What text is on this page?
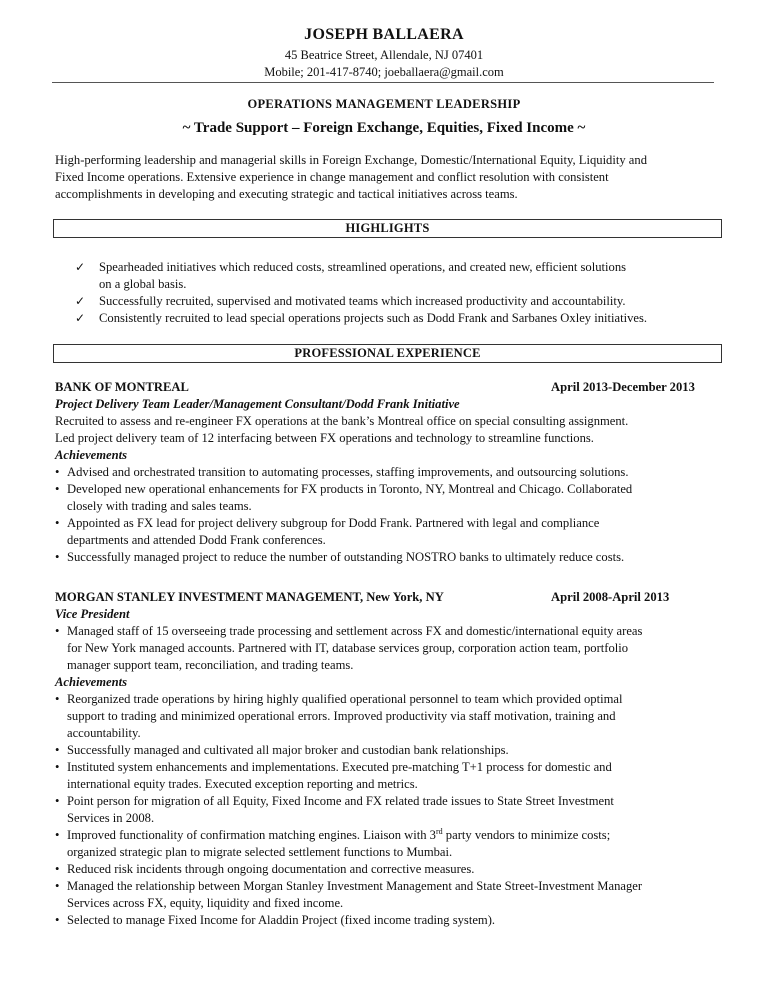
JOSEPH BALLAERA
45 Beatrice Street, Allendale, NJ 07401
Mobile; 201-417-8740; joeballaera@gmail.com
OPERATIONS MANAGEMENT LEADERSHIP
~ Trade Support – Foreign Exchange, Equities, Fixed Income ~
High-performing leadership and managerial skills in Foreign Exchange, Domestic/International Equity, Liquidity and
Fixed Income operations. Extensive experience in change management and conflict resolution with consistent
accomplishments in developing and executing strategic and tactical initiatives across teams.
HIGHLIGHTS
✓ Spearheaded initiatives which reduced costs, streamlined operations, and created new, efficient solutions
on a global basis.
✓ Successfully recruited, supervised and motivated teams which increased productivity and accountability.
✓ Consistently recruited to lead special operations projects such as Dodd Frank and Sarbanes Oxley initiatives.
PROFESSIONAL EXPERIENCE
BANK OF MONTREAL	April 2013-December 2013
Project Delivery Team Leader/Management Consultant/Dodd Frank Initiative
Recruited to assess and re-engineer FX operations at the bank’s Montreal office on special consulting assignment.
Led project delivery team of 12 interfacing between FX operations and technology to streamline functions.
Achievements
• Advised and orchestrated transition to automating processes, staffing improvements, and outsourcing solutions.
• Developed new operational enhancements for FX products in Toronto, NY, Montreal and Chicago. Collaborated
closely with trading and sales teams.
• Appointed as FX lead for project delivery subgroup for Dodd Frank. Partnered with legal and compliance
departments and attended Dodd Frank conferences.
• Successfully managed project to reduce the number of outstanding NOSTRO banks to ultimately reduce costs.
MORGAN STANLEY INVESTMENT MANAGEMENT, New York, NY	April 2008-April 2013
Vice President
• Managed staff of 15 overseeing trade processing and settlement across FX and domestic/international equity areas
for New York managed accounts. Partnered with IT, database services group, corporation action team, portfolio
manager support team, reconciliation, and trading teams.
Achievements
• Reorganized trade operations by hiring highly qualified operational personnel to team which provided optimal
support to trading and minimized operational errors. Improved productivity via staff motivation, training and
accountability.
• Successfully managed and cultivated all major broker and custodian bank relationships.
• Instituted system enhancements and implementations. Executed pre-matching T+1 process for domestic and
international equity trades. Executed exception reporting and metrics.
• Point person for migration of all Equity, Fixed Income and FX related trade issues to State Street Investment
Services in 2008.
• Improved functionality of confirmation matching engines. Liaison with 3rd party vendors to minimize costs;
organized strategic plan to migrate selected settlement functions to Mumbai.
• Reduced risk incidents through ongoing documentation and corrective measures.
• Managed the relationship between Morgan Stanley Investment Management and State Street-Investment Manager
Services across FX, equity, liquidity and fixed income.
• Selected to manage Fixed Income for Aladdin Project (fixed income trading system).
